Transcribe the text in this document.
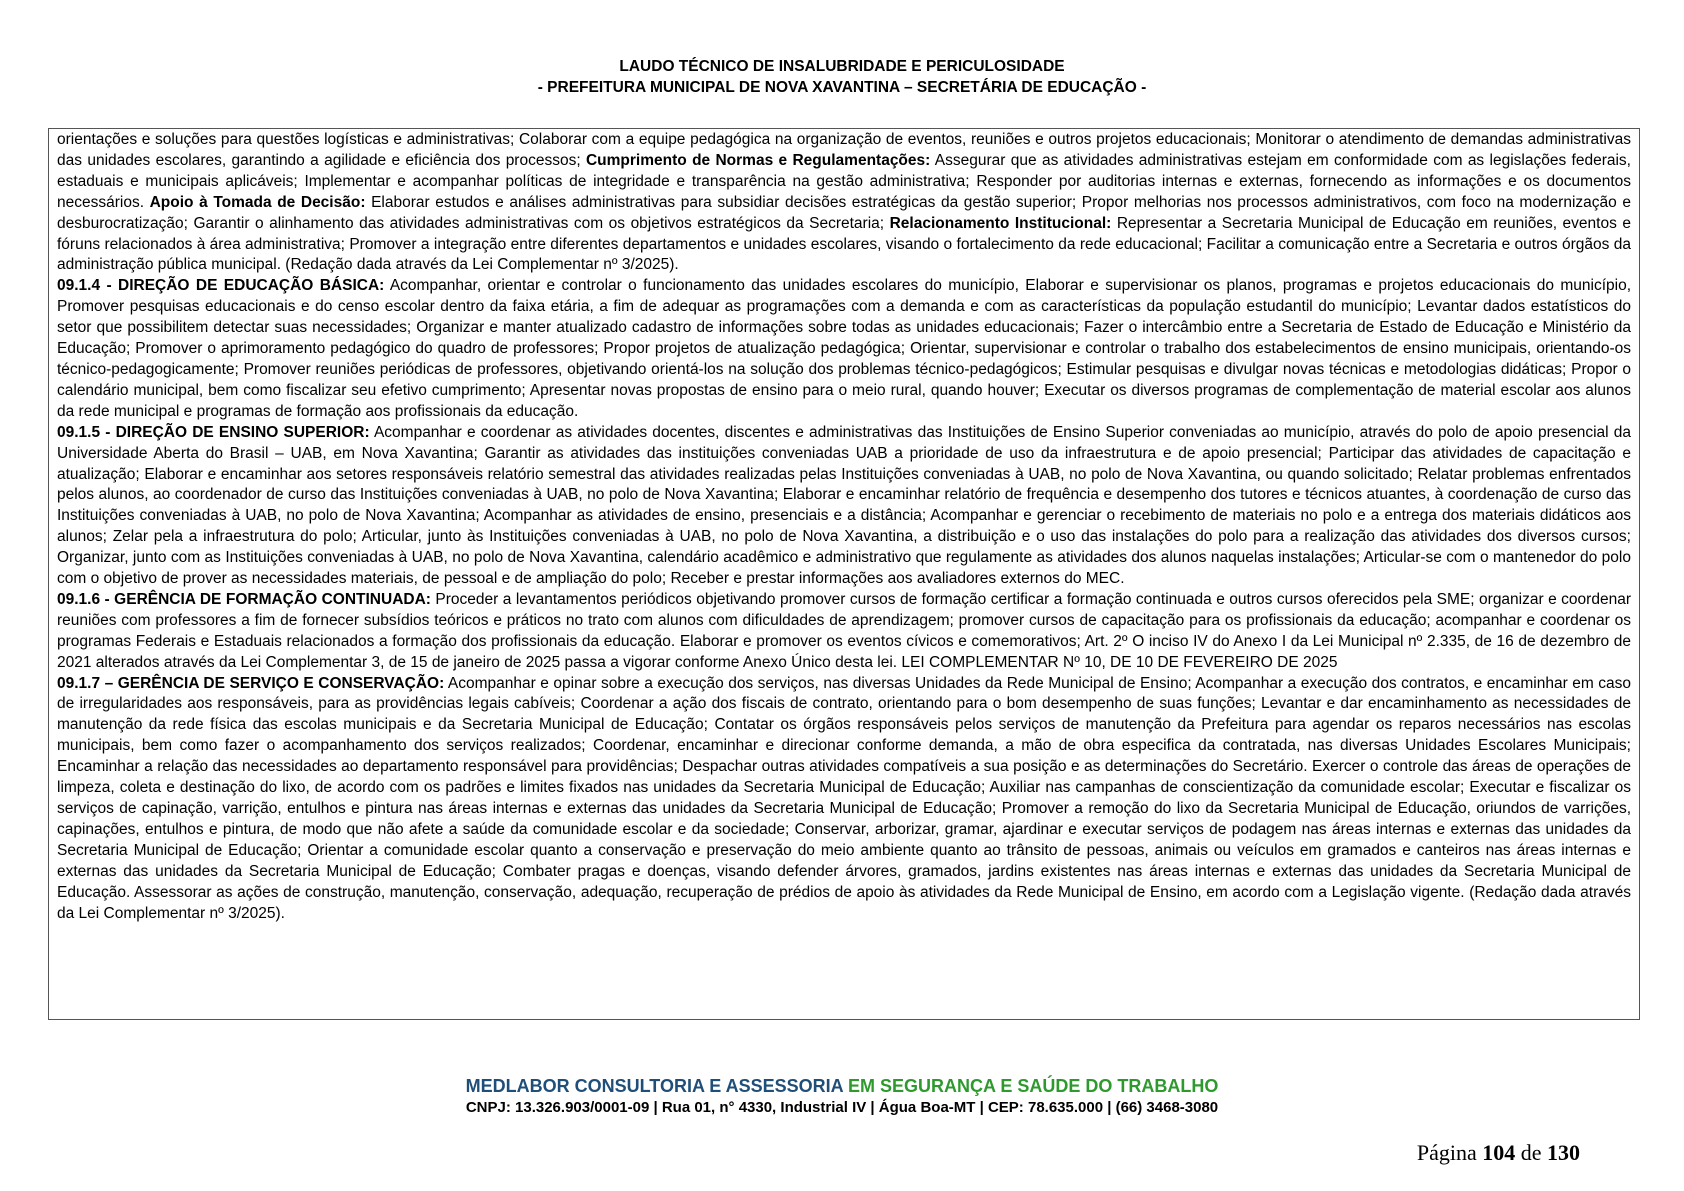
LAUDO TÉCNICO DE INSALUBRIDADE E PERICULOSIDADE
- PREFEITURA MUNICIPAL DE NOVA XAVANTINA – SECRETÁRIA DE EDUCAÇÃO -

orientações e soluções para questões logísticas e administrativas; Colaborar com a equipe pedagógica na organização de eventos, reuniões e outros projetos educacionais; Monitorar o atendimento de demandas administrativas das unidades escolares, garantindo a agilidade e eficiência dos processos; Cumprimento de Normas e Regulamentações: Assegurar que as atividades administrativas estejam em conformidade com as legislações federais, estaduais e municipais aplicáveis; Implementar e acompanhar políticas de integridade e transparência na gestão administrativa; Responder por auditorias internas e externas, fornecendo as informações e os documentos necessários. Apoio à Tomada de Decisão: Elaborar estudos e análises administrativas para subsidiar decisões estratégicas da gestão superior; Propor melhorias nos processos administrativos, com foco na modernização e desburocratização; Garantir o alinhamento das atividades administrativas com os objetivos estratégicos da Secretaria; Relacionamento Institucional: Representar a Secretaria Municipal de Educação em reuniões, eventos e fóruns relacionados à área administrativa; Promover a integração entre diferentes departamentos e unidades escolares, visando o fortalecimento da rede educacional; Facilitar a comunicação entre a Secretaria e outros órgãos da administração pública municipal. (Redação dada através da Lei Complementar nº 3/2025).

09.1.4 - DIREÇÃO DE EDUCAÇÃO BÁSICA: Acompanhar, orientar e controlar o funcionamento das unidades escolares do município, Elaborar e supervisionar os planos, programas e projetos educacionais do município, Promover pesquisas educacionais e do censo escolar dentro da faixa etária, a fim de adequar as programações com a demanda e com as características da população estudantil do município; Levantar dados estatísticos do setor que possibilitem detectar suas necessidades; Organizar e manter atualizado cadastro de informações sobre todas as unidades educacionais; Fazer o intercâmbio entre a Secretaria de Estado de Educação e Ministério da Educação; Promover o aprimoramento pedagógico do quadro de professores; Propor projetos de atualização pedagógica; Orientar, supervisionar e controlar o trabalho dos estabelecimentos de ensino municipais, orientando-os técnico-pedagogicamente; Promover reuniões periódicas de professores, objetivando orientá-los na solução dos problemas técnico-pedagógicos; Estimular pesquisas e divulgar novas técnicas e metodologias didáticas; Propor o calendário municipal, bem como fiscalizar seu efetivo cumprimento; Apresentar novas propostas de ensino para o meio rural, quando houver; Executar os diversos programas de complementação de material escolar aos alunos da rede municipal e programas de formação aos profissionais da educação.

09.1.5 - DIREÇÃO DE ENSINO SUPERIOR: Acompanhar e coordenar as atividades docentes, discentes e administrativas das Instituições de Ensino Superior conveniadas ao município, através do polo de apoio presencial da Universidade Aberta do Brasil – UAB, em Nova Xavantina; Garantir as atividades das instituições conveniadas UAB a prioridade de uso da infraestrutura e de apoio presencial; Participar das atividades de capacitação e atualização; Elaborar e encaminhar aos setores responsáveis relatório semestral das atividades realizadas pelas Instituições conveniadas à UAB, no polo de Nova Xavantina, ou quando solicitado; Relatar problemas enfrentados pelos alunos, ao coordenador de curso das Instituições conveniadas à UAB, no polo de Nova Xavantina; Elaborar e encaminhar relatório de frequência e desempenho dos tutores e técnicos atuantes, à coordenação de curso das Instituições conveniadas à UAB, no polo de Nova Xavantina; Acompanhar as atividades de ensino, presenciais e a distância; Acompanhar e gerenciar o recebimento de materiais no polo e a entrega dos materiais didáticos aos alunos; Zelar pela a infraestrutura do polo; Articular, junto às Instituições conveniadas à UAB, no polo de Nova Xavantina, a distribuição e o uso das instalações do polo para a realização das atividades dos diversos cursos; Organizar, junto com as Instituições conveniadas à UAB, no polo de Nova Xavantina, calendário acadêmico e administrativo que regulamente as atividades dos alunos naquelas instalações; Articular-se com o mantenedor do polo com o objetivo de prover as necessidades materiais, de pessoal e de ampliação do polo; Receber e prestar informações aos avaliadores externos do MEC.

09.1.6 - GERÊNCIA DE FORMAÇÃO CONTINUADA: Proceder a levantamentos periódicos objetivando promover cursos de formação certificar a formação continuada e outros cursos oferecidos pela SME; organizar e coordenar reuniões com professores a fim de fornecer subsídios teóricos e práticos no trato com alunos com dificuldades de aprendizagem; promover cursos de capacitação para os profissionais da educação; acompanhar e coordenar os programas Federais e Estaduais relacionados a formação dos profissionais da educação. Elaborar e promover os eventos cívicos e comemorativos; Art. 2º O inciso IV do Anexo I da Lei Municipal nº 2.335, de 16 de dezembro de 2021 alterados através da Lei Complementar 3, de 15 de janeiro de 2025 passa a vigorar conforme Anexo Único desta lei. LEI COMPLEMENTAR Nº 10, DE 10 DE FEVEREIRO DE 2025

09.1.7 – GERÊNCIA DE SERVIÇO E CONSERVAÇÃO: Acompanhar e opinar sobre a execução dos serviços, nas diversas Unidades da Rede Municipal de Ensino; Acompanhar a execução dos contratos, e encaminhar em caso de irregularidades aos responsáveis, para as providências legais cabíveis; Coordenar a ação dos fiscais de contrato, orientando para o bom desempenho de suas funções; Levantar e dar encaminhamento as necessidades de manutenção da rede física das escolas municipais e da Secretaria Municipal de Educação; Contatar os órgãos responsáveis pelos serviços de manutenção da Prefeitura para agendar os reparos necessários nas escolas municipais, bem como fazer o acompanhamento dos serviços realizados; Coordenar, encaminhar e direcionar conforme demanda, a mão de obra especifica da contratada, nas diversas Unidades Escolares Municipais; Encaminhar a relação das necessidades ao departamento responsável para providências; Despachar outras atividades compatíveis a sua posição e as determinações do Secretário. Exercer o controle das áreas de operações de limpeza, coleta e destinação do lixo, de acordo com os padrões e limites fixados nas unidades da Secretaria Municipal de Educação; Auxiliar nas campanhas de conscientização da comunidade escolar; Executar e fiscalizar os serviços de capinação, varrição, entulhos e pintura nas áreas internas e externas das unidades da Secretaria Municipal de Educação; Promover a remoção do lixo da Secretaria Municipal de Educação, oriundos de varrições, capinações, entulhos e pintura, de modo que não afete a saúde da comunidade escolar e da sociedade; Conservar, arborizar, gramar, ajardinar e executar serviços de podagem nas áreas internas e externas das unidades da Secretaria Municipal de Educação; Orientar a comunidade escolar quanto a conservação e preservação do meio ambiente quanto ao trânsito de pessoas, animais ou veículos em gramados e canteiros nas áreas internas e externas das unidades da Secretaria Municipal de Educação; Combater pragas e doenças, visando defender árvores, gramados, jardins existentes nas áreas internas e externas das unidades da Secretaria Municipal de Educação. Assessorar as ações de construção, manutenção, conservação, adequação, recuperação de prédios de apoio às atividades da Rede Municipal de Ensino, em acordo com a Legislação vigente. (Redação dada através da Lei Complementar nº 3/2025).

MEDLABOR CONSULTORIA E ASSESSORIA EM SEGURANÇA E SAÚDE DO TRABALHO
CNPJ: 13.326.903/0001-09 | Rua 01, n° 4330, Industrial IV | Água Boa-MT | CEP: 78.635.000 | (66) 3468-3080
Página 104 de 130
